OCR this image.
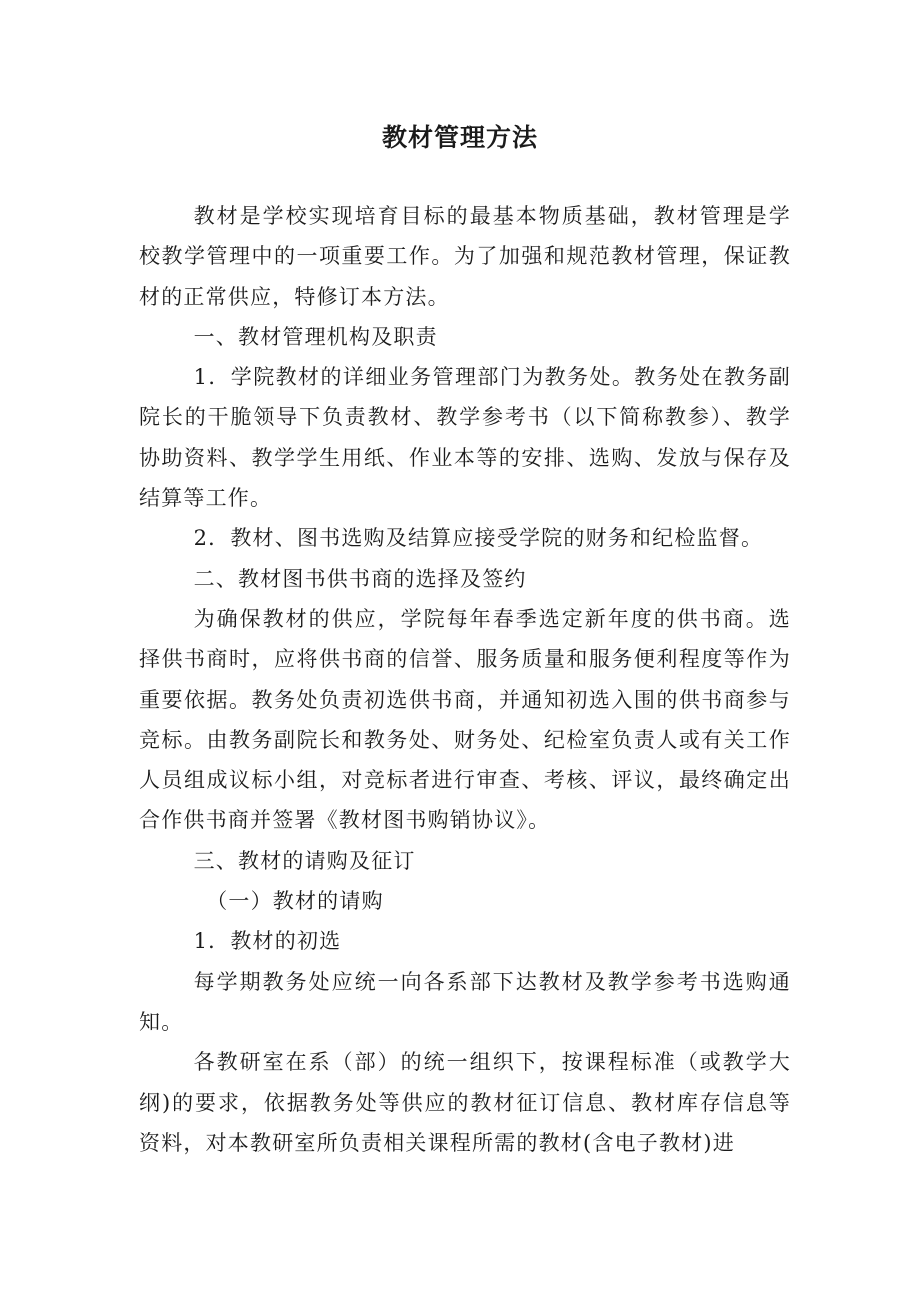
教材管理方法

教材是学校实现培育目标的最基本物质基础，教材管理是学校教学管理中的一项重要工作。为了加强和规范教材管理，保证教材的正常供应，特修订本方法。

一、教材管理机构及职责

1．学院教材的详细业务管理部门为教务处。教务处在教务副院长的干脆领导下负责教材、教学参考书（以下简称教参）、教学协助资料、教学学生用纸、作业本等的安排、选购、发放与保存及结算等工作。

2．教材、图书选购及结算应接受学院的财务和纪检监督。

二、教材图书供书商的选择及签约

为确保教材的供应，学院每年春季选定新年度的供书商。选择供书商时，应将供书商的信誉、服务质量和服务便利程度等作为重要依据。教务处负责初选供书商，并通知初选入围的供书商参与竞标。由教务副院长和教务处、财务处、纪检室负责人或有关工作人员组成议标小组，对竞标者进行审查、考核、评议，最终确定出合作供书商并签署《教材图书购销协议》。

三、教材的请购及征订

（一）教材的请购

1．教材的初选

每学期教务处应统一向各系部下达教材及教学参考书选购通知。

各教研室在系（部）的统一组织下，按课程标准（或教学大纲)的要求，依据教务处等供应的教材征订信息、教材库存信息等资料，对本教研室所负责相关课程所需的教材(含电子教材)进
